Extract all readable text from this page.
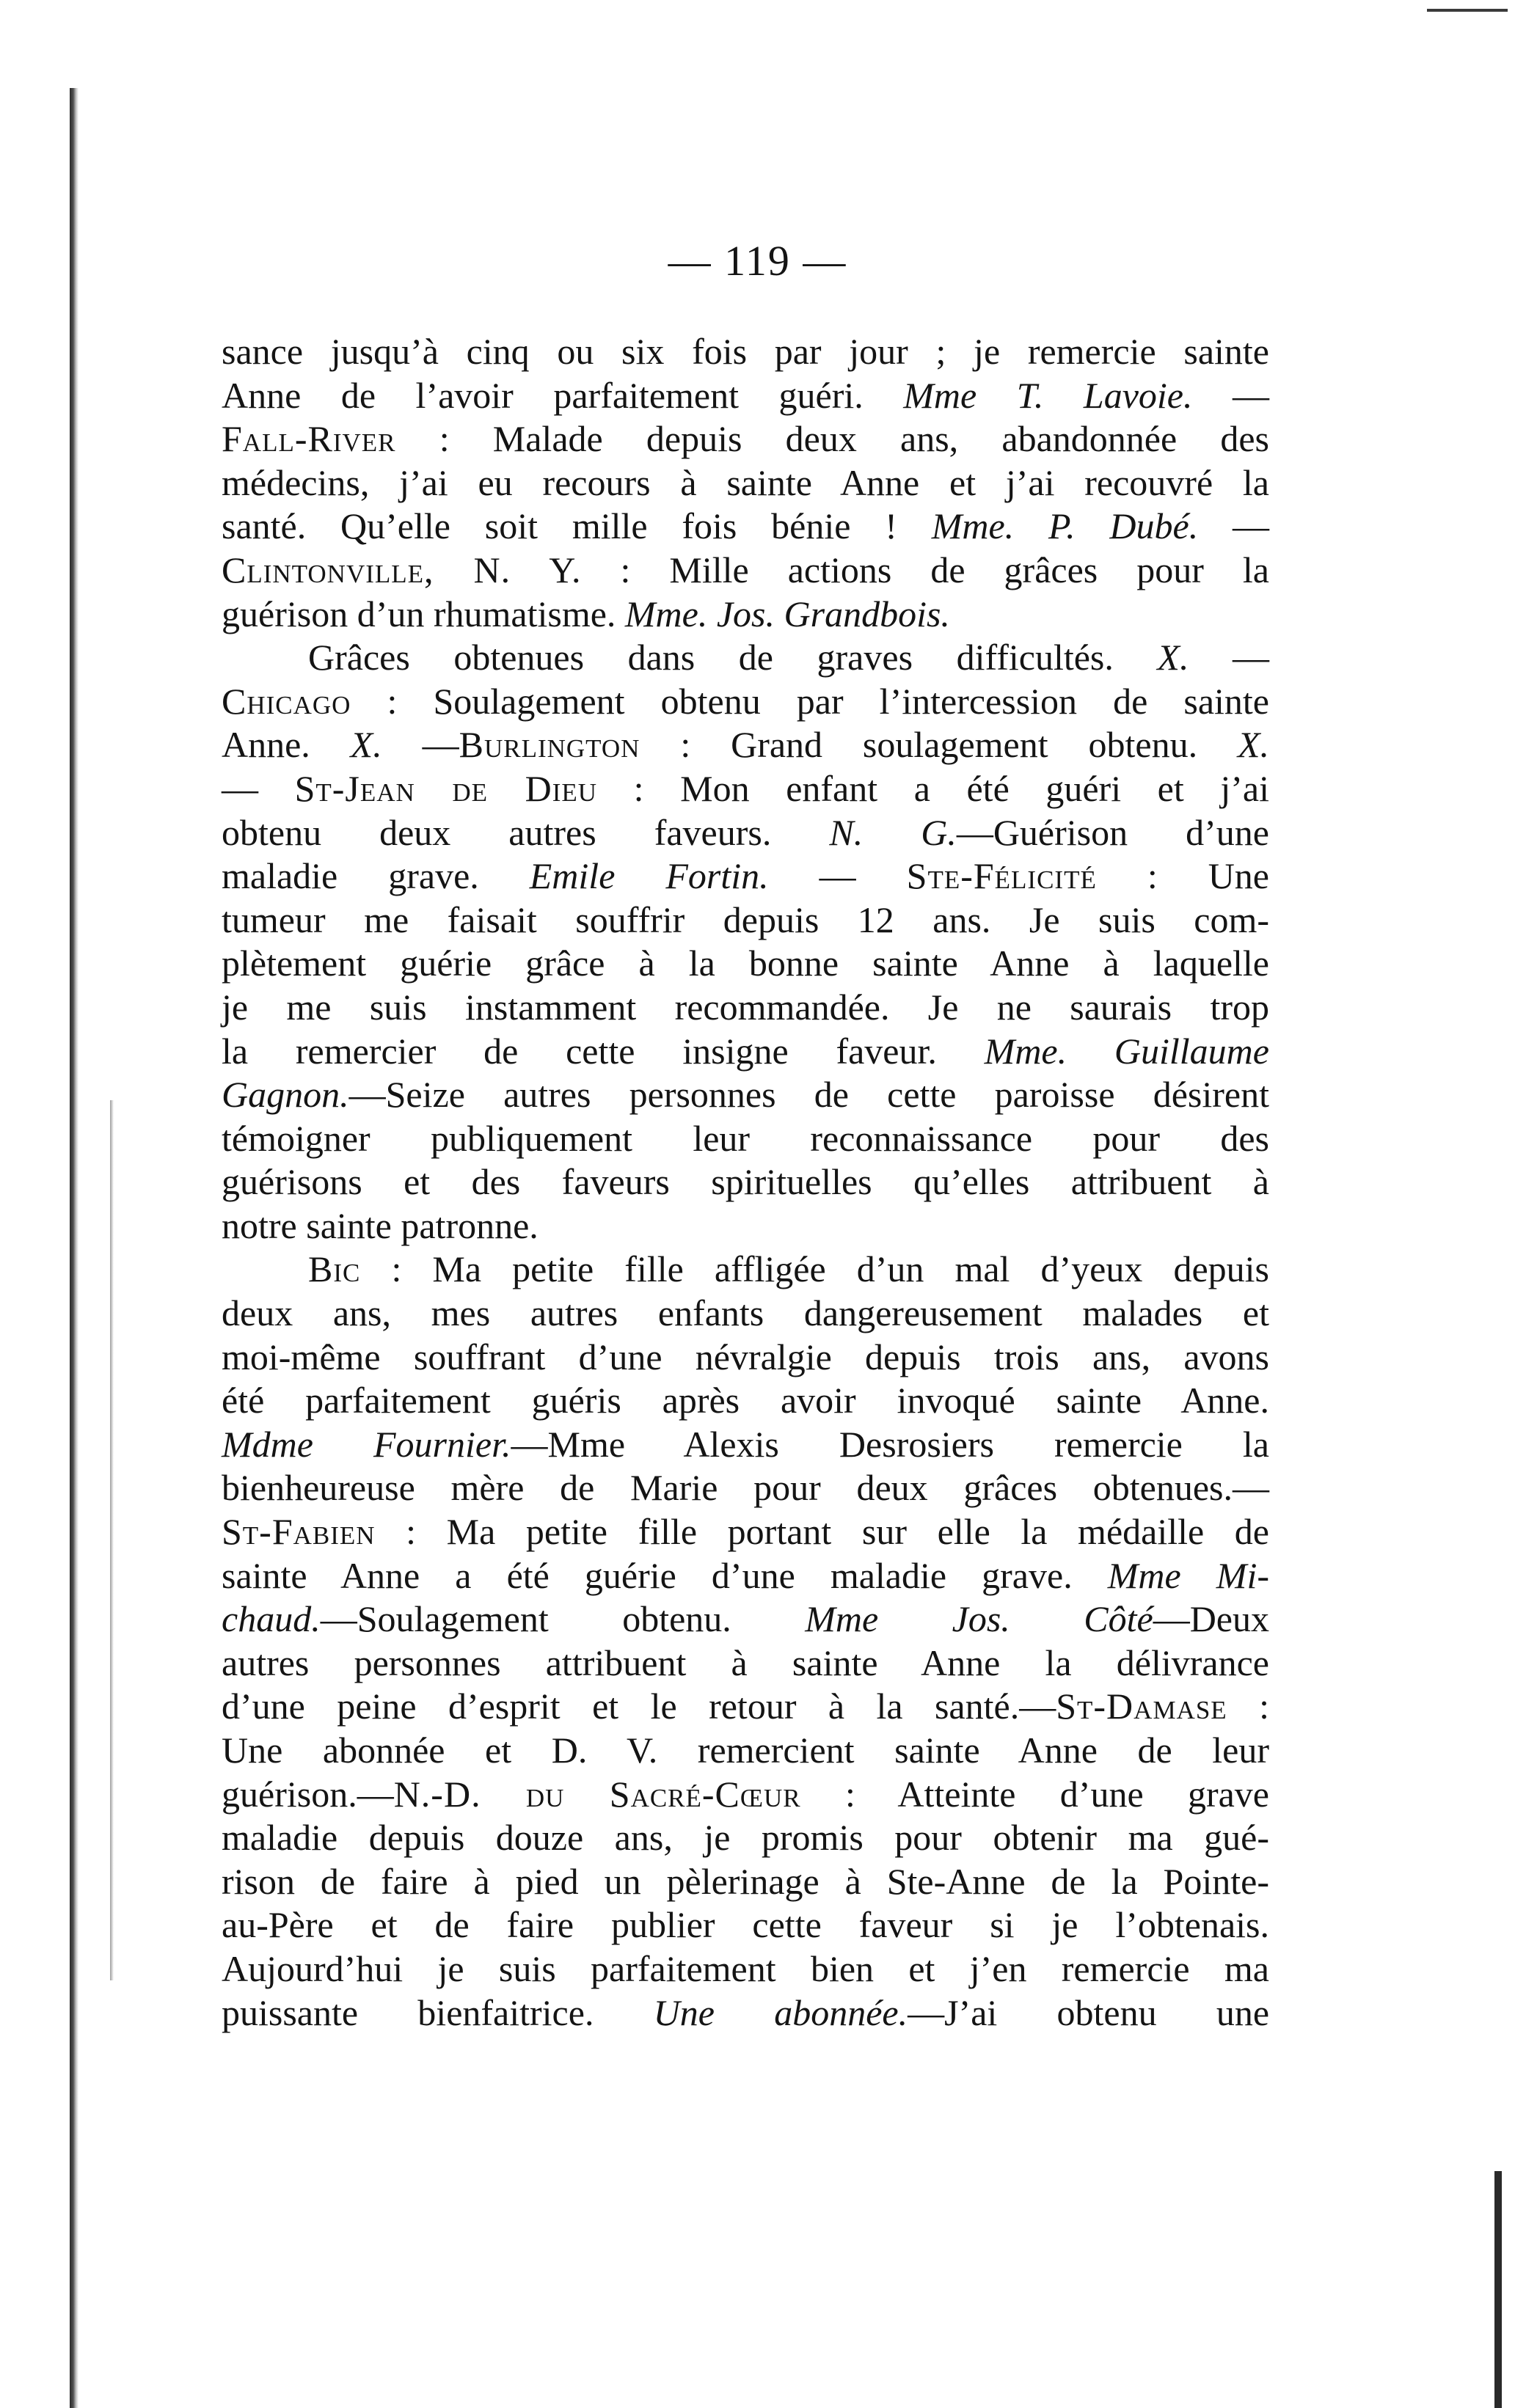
— 119 —
sance jusqu’à cinq ou six fois par jour ; je remercie sainte
Anne de l’avoir parfaitement guéri. Mme T. Lavoie. —
Fall-River : Malade depuis deux ans, abandonnée des
médecins, j’ai eu recours à sainte Anne et j’ai recouvré la
santé. Qu’elle soit mille fois bénie ! Mme. P. Dubé. —
Clintonville, N. Y. : Mille actions de grâces pour la
guérison d’un rhumatisme. Mme. Jos. Grandbois.
Grâces obtenues dans de graves difficultés. X. —
Chicago : Soulagement obtenu par l’intercession de sainte
Anne. X. —Burlington : Grand soulagement obtenu. X.
— St-Jean de Dieu : Mon enfant a été guéri et j’ai
obtenu deux autres faveurs. N. G.—Guérison d’une
maladie grave. Emile Fortin. — Ste-Félicité : Une
tumeur me faisait souffrir depuis 12 ans. Je suis com-
plètement guérie grâce à la bonne sainte Anne à laquelle
je me suis instamment recommandée. Je ne saurais trop
la remercier de cette insigne faveur. Mme. Guillaume
Gagnon.—Seize autres personnes de cette paroisse désirent
témoigner publiquement leur reconnaissance pour des
guérisons et des faveurs spirituelles qu’elles attribuent à
notre sainte patronne.
Bic : Ma petite fille affligée d’un mal d’yeux depuis
deux ans, mes autres enfants dangereusement malades et
moi-même souffrant d’une névralgie depuis trois ans, avons
été parfaitement guéris après avoir invoqué sainte Anne.
Mdme Fournier.—Mme Alexis Desrosiers remercie la
bienheureuse mère de Marie pour deux grâces obtenues.—
St-Fabien : Ma petite fille portant sur elle la médaille de
sainte Anne a été guérie d’une maladie grave. Mme Mi-
chaud.—Soulagement obtenu. Mme Jos. Côté—Deux
autres personnes attribuent à sainte Anne la délivrance
d’une peine d’esprit et le retour à la santé.—St-Damase :
Une abonnée et D. V. remercient sainte Anne de leur
guérison.—N.-D. du Sacré-Cœur : Atteinte d’une grave
maladie depuis douze ans, je promis pour obtenir ma gué-
rison de faire à pied un pèlerinage à Ste-Anne de la Pointe-
au-Père et de faire publier cette faveur si je l’obtenais.
Aujourd’hui je suis parfaitement bien et j’en remercie ma
puissante bienfaitrice. Une abonnée.—J’ai obtenu une
